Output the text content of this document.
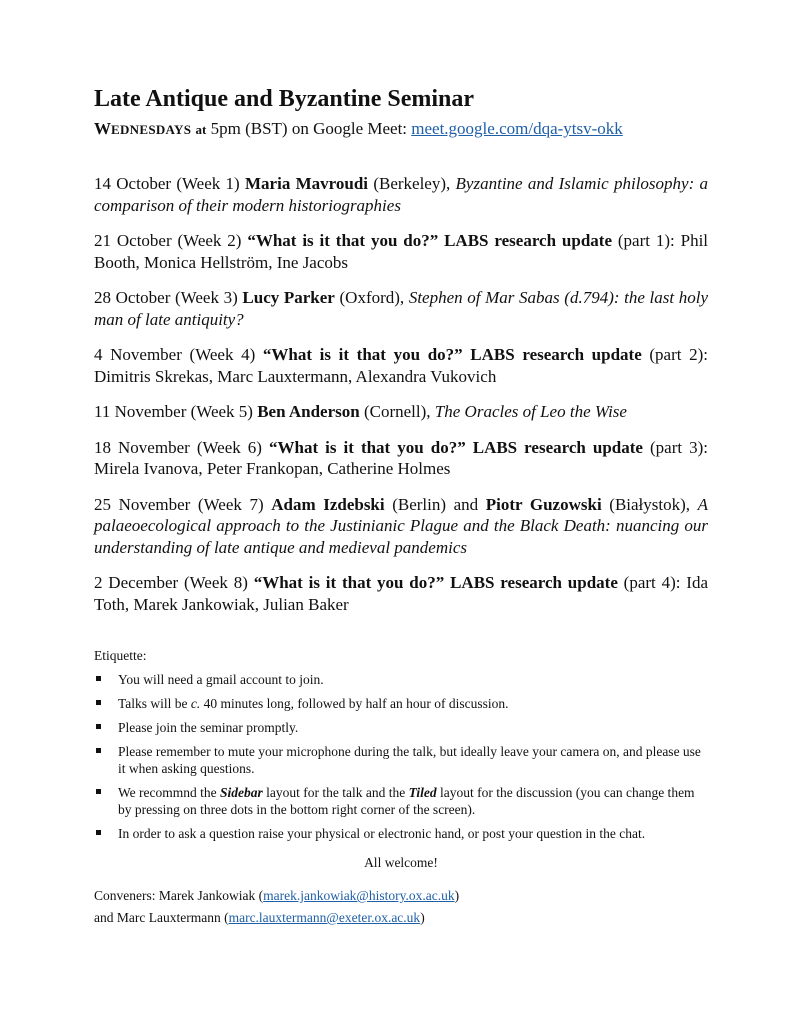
Late Antique and Byzantine Seminar
WEDNESDAYS at 5pm (BST) on Google Meet: meet.google.com/dqa-ytsv-okk

14 October (Week 1) Maria Mavroudi (Berkeley), Byzantine and Islamic philosophy: a comparison of their modern historiographies

21 October (Week 2) “What is it that you do?” LABS research update (part 1): Phil Booth, Monica Hellström, Ine Jacobs

28 October (Week 3) Lucy Parker (Oxford), Stephen of Mar Sabas (d.794): the last holy man of late antiquity?

4 November (Week 4) “What is it that you do?” LABS research update (part 2): Dimitris Skrekas, Marc Lauxtermann, Alexandra Vukovich

11 November (Week 5) Ben Anderson (Cornell), The Oracles of Leo the Wise

18 November (Week 6) “What is it that you do?” LABS research update (part 3): Mirela Ivanova, Peter Frankopan, Catherine Holmes

25 November (Week 7) Adam Izdebski (Berlin) and Piotr Guzowski (Białystok), A palaeoecological approach to the Justinianic Plague and the Black Death: nuancing our understanding of late antique and medieval pandemics

2 December (Week 8) “What is it that you do?” LABS research update (part 4): Ida Toth, Marek Jankowiak, Julian Baker

Etiquette:
You will need a gmail account to join.
Talks will be c. 40 minutes long, followed by half an hour of discussion.
Please join the seminar promptly.
Please remember to mute your microphone during the talk, but ideally leave your camera on, and please use it when asking questions.
We recommnd the Sidebar layout for the talk and the Tiled layout for the discussion (you can change them by pressing on three dots in the bottom right corner of the screen).
In order to ask a question raise your physical or electronic hand, or post your question in the chat.
All welcome!
Conveners: Marek Jankowiak (marek.jankowiak@history.ox.ac.uk)
and Marc Lauxtermann (marc.lauxtermann@exeter.ox.ac.uk)
